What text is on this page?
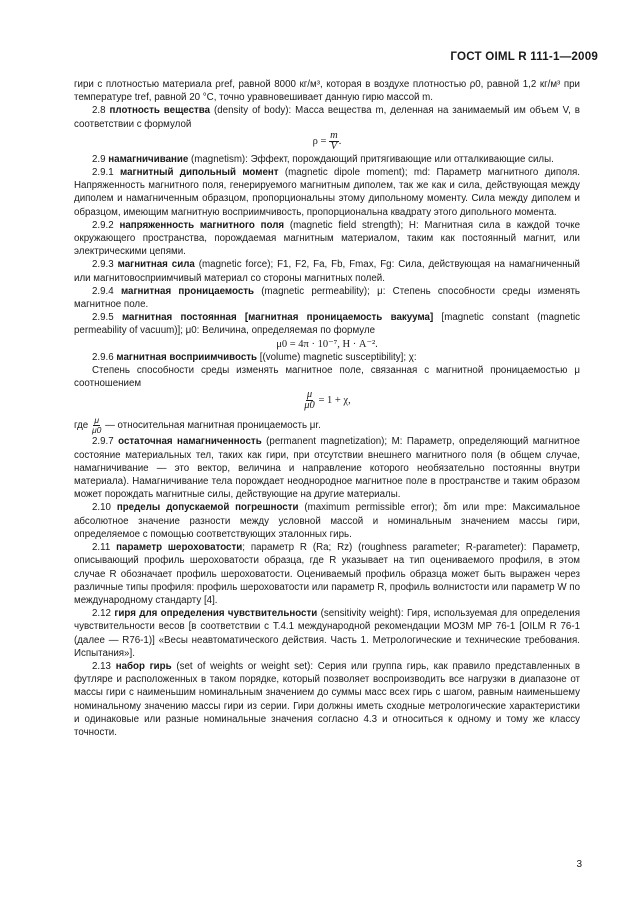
ГОСТ OIML R 111-1—2009

гири с плотностью материала ρref, равной 8000 кг/м³, которая в воздухе плотностью ρ0, равной 1,2 кг/м³ при температуре tref, равной 20 °С, точно уравновешивает данную гирю массой m.

2.8 плотность вещества (density of body): Масса вещества m, деленная на занимаемый им объем V, в соответствии с формулой

$\rho = \frac{m}{V}$ .

2.9 намагничивание (magnetism): Эффект, порождающий притягивающие или отталкивающие силы.

2.9.1 магнитный дипольный момент (magnetic dipole moment); md: Параметр магнитного диполя. Напряженность магнитного поля, генерируемого магнитным диполем, так же как и сила, действующая между диполем и намагниченным образцом, пропорциональны этому дипольному моменту. Сила между диполем и образцом, имеющим магнитную восприимчивость, пропорциональна квадрату этого дипольного момента.

2.9.2 напряженность магнитного поля (magnetic field strength); H: Магнитная сила в каждой точке окружающего пространства, порождаемая магнитным материалом, таким как постоянный магнит, или электрическими цепями.

2.9.3 магнитная сила (magnetic force); F1, F2, Fa, Fb, Fmax, Fg: Сила, действующая на намагниченный или магнитовосприимчивый материал со стороны магнитных полей.

2.9.4 магнитная проницаемость (magnetic permeability); μ: Степень способности среды изменять магнитное поле.

2.9.5 магнитная постоянная [магнитная проницаемость вакуума] [magnetic constant (magnetic permeability of vacuum)]; μ0: Величина, определяемая по формуле

μ0 = 4π · 10⁻⁷, Н · А⁻².

2.9.6 магнитная восприимчивость [(volume) magnetic susceptibility]; χ:

Степень способности среды изменять магнитное поле, связанная с магнитной проницаемостью μ соотношением

$\frac{\mu}{\mu 0} = 1 + \chi$,

где $\frac{\mu}{\mu 0}$ — относительная магнитная проницаемость μr.

2.9.7 остаточная намагниченность (permanent magnetization); M: Параметр, определяющий магнитное состояние материальных тел, таких как гири, при отсутствии внешнего магнитного поля (в общем случае, намагничивание — это вектор, величина и направление которого необязательно постоянны внутри материала). Намагничивание тела порождает неоднородное магнитное поле в пространстве и таким образом может порождать магнитные силы, действующие на другие материалы.

2.10 пределы допускаемой погрешности (maximum permissible error); δm или mpe: Максимальное абсолютное значение разности между условной массой и номинальным значением массы гири, определяемое с помощью соответствующих эталонных гирь.

2.11 параметр шероховатости; параметр R (Ra; Rz) (roughness parameter; R-parameter): Параметр, описывающий профиль шероховатости образца, где R указывает на тип оцениваемого профиля, в этом случае R обозначает профиль шероховатости. Оцениваемый профиль образца может быть выражен через различные типы профиля: профиль шероховатости или параметр R, профиль волнистости или параметр W по международному стандарту [4].

2.12 гиря для определения чувствительности (sensitivity weight): Гиря, используемая для определения чувствительности весов [в соответствии с Т.4.1 международной рекомендации МОЗМ МР 76-1 [OILM R 76-1 (далее — R76-1)] «Весы неавтоматического действия. Часть 1. Метрологические и технические требования. Испытания»].

2.13 набор гирь (set of weights or weight set): Серия или группа гирь, как правило представленных в футляре и расположенных в таком порядке, который позволяет воспроизводить все нагрузки в диапазоне от массы гири с наименьшим номинальным значением до суммы масс всех гирь с шагом, равным наименьшему номинальному значению массы гири из серии. Гири должны иметь сходные метрологические характеристики и одинаковые или разные номинальные значения согласно 4.3 и относиться к одному и тому же классу точности.

3
